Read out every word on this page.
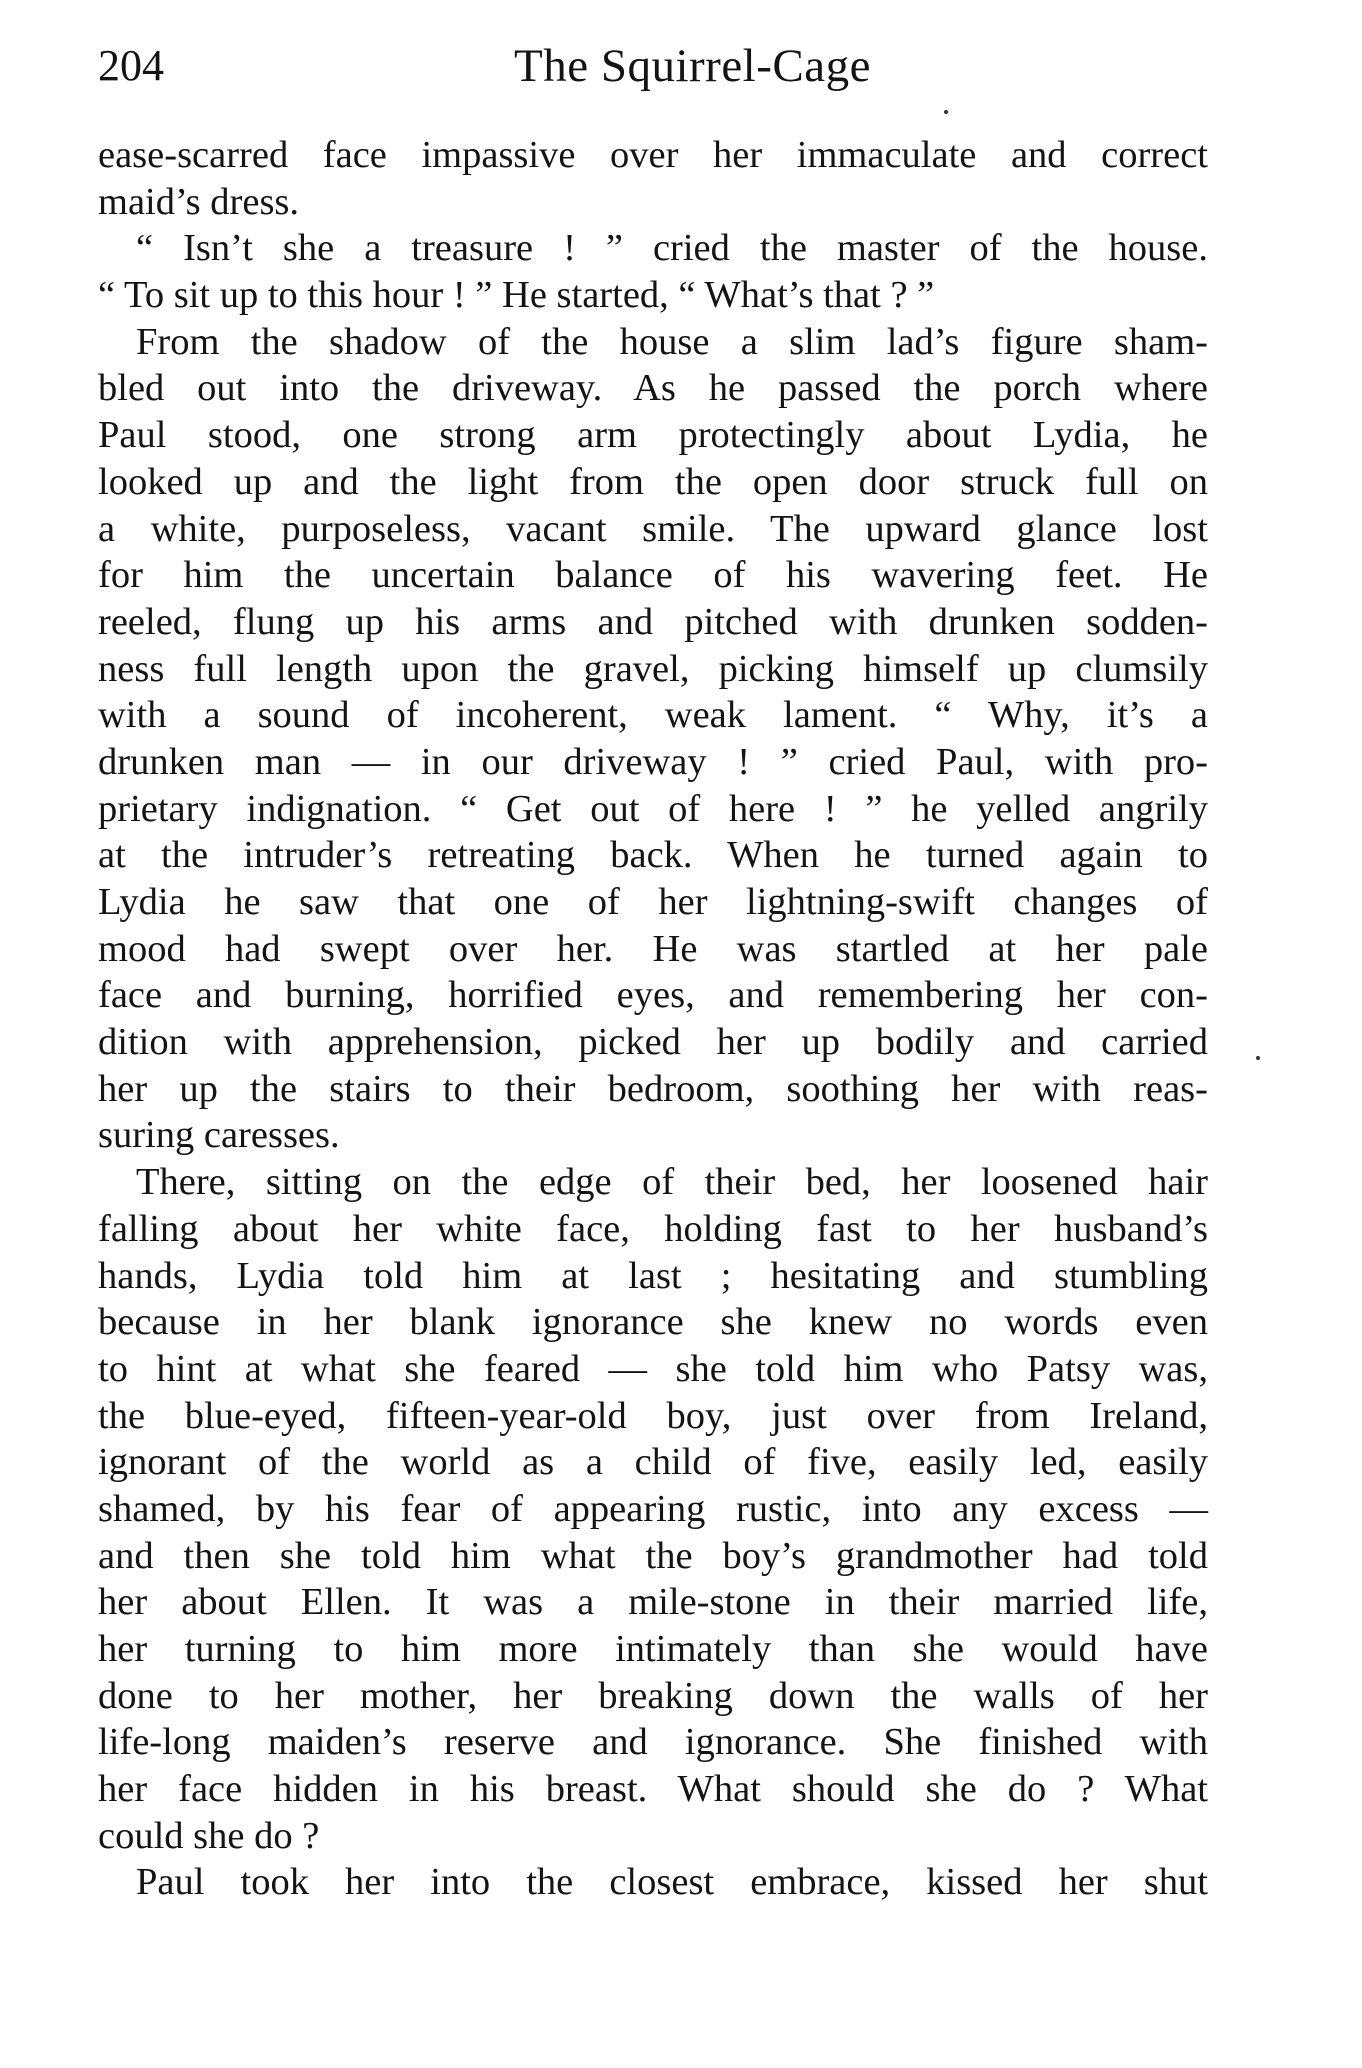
204	The Squirrel-Cage
ease-scarred face impassive over her immaculate and correct
maid’s dress.
“ Isn’t she a treasure ! ” cried the master of the house.
“ To sit up to this hour ! ” He started, “ What’s that ? ”
From the shadow of the house a slim lad’s figure sham-
bled out into the driveway. As he passed the porch where
Paul stood, one strong arm protectingly about Lydia, he
looked up and the light from the open door struck full on
a white, purposeless, vacant smile. The upward glance lost
for him the uncertain balance of his wavering feet. He
reeled, flung up his arms and pitched with drunken sodden-
ness full length upon the gravel, picking himself up clumsily
with a sound of incoherent, weak lament. “ Why, it’s a
drunken man — in our driveway ! ” cried Paul, with pro-
prietary indignation. “ Get out of here ! ” he yelled angrily
at the intruder’s retreating back. When he turned again to
Lydia he saw that one of her lightning-swift changes of
mood had swept over her. He was startled at her pale
face and burning, horrified eyes, and remembering her con-
dition with apprehension, picked her up bodily and carried
her up the stairs to their bedroom, soothing her with reas-
suring caresses.
There, sitting on the edge of their bed, her loosened hair
falling about her white face, holding fast to her husband’s
hands, Lydia told him at last ; hesitating and stumbling
because in her blank ignorance she knew no words even
to hint at what she feared — she told him who Patsy was,
the blue-eyed, fifteen-year-old boy, just over from Ireland,
ignorant of the world as a child of five, easily led, easily
shamed, by his fear of appearing rustic, into any excess —
and then she told him what the boy’s grandmother had told
her about Ellen. It was a mile-stone in their married life,
her turning to him more intimately than she would have
done to her mother, her breaking down the walls of her
life-long maiden’s reserve and ignorance. She finished with
her face hidden in his breast. What should she do ? What
could she do ?
Paul took her into the closest embrace, kissed her shut
